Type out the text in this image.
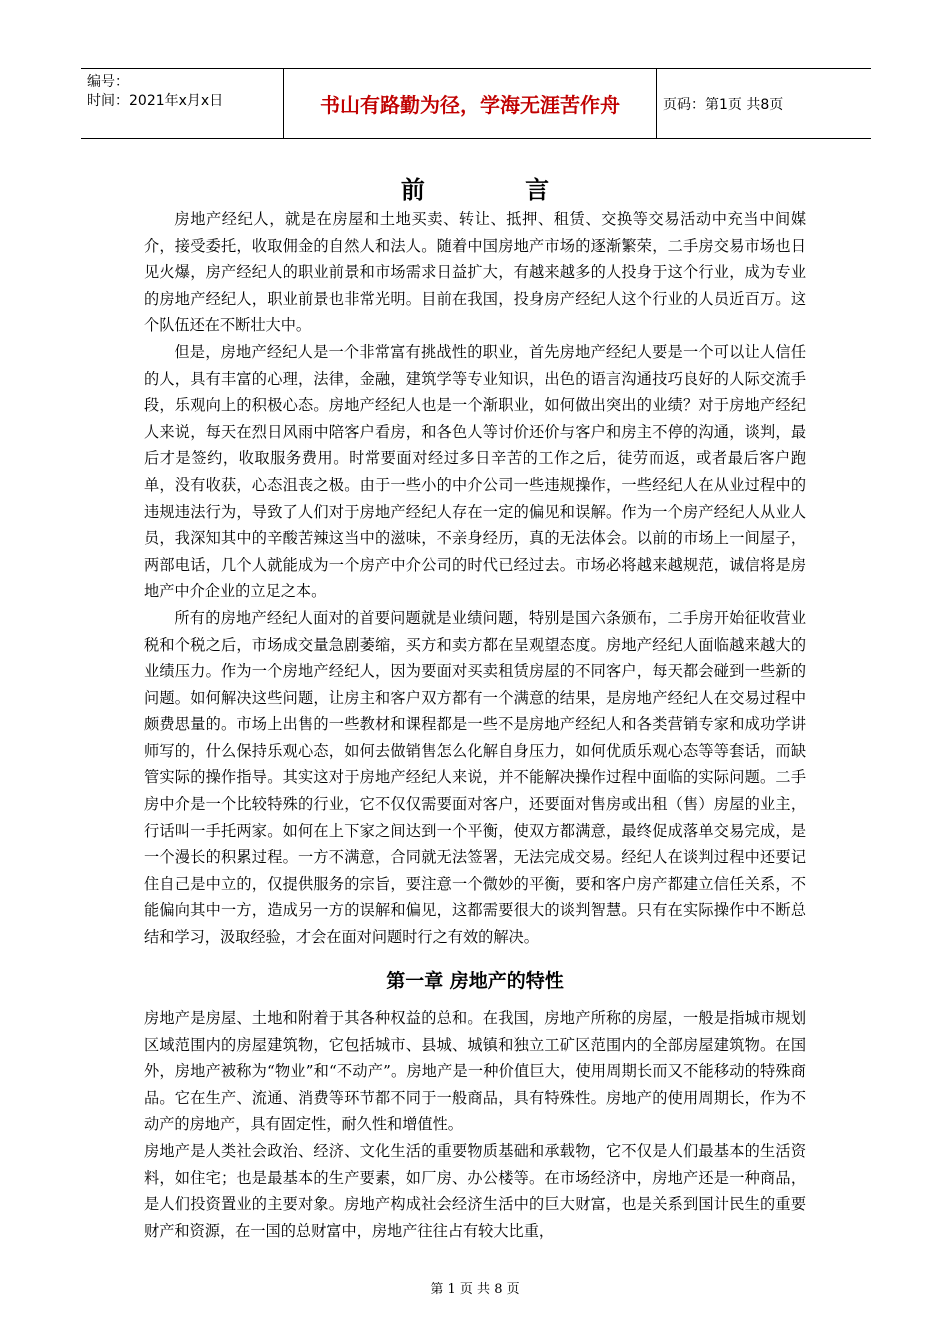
编号：
时间：2021年x月x日	书山有路勤为径，学海无涯苦作舟	页码：第1页 共8页
前 言

房地产经纪人，就是在房屋和土地买卖、转让、抵押、租赁、交换等交易活动中充当中间媒介，接受委托，收取佣金的自然人和法人。随着中国房地产市场的逐渐繁荣，二手房交易市场也日见火爆，房产经纪人的职业前景和市场需求日益扩大，有越来越多的人投身于这个行业，成为专业的房地产经纪人，职业前景也非常光明。目前在我国，投身房产经纪人这个行业的人员近百万。这个队伍还在不断壮大中。

但是，房地产经纪人是一个非常富有挑战性的职业，首先房地产经纪人要是一个可以让人信任的人，具有丰富的心理，法律，金融，建筑学等专业知识，出色的语言沟通技巧良好的人际交流手段，乐观向上的积极心态。房地产经纪人也是一个渐职业，如何做出突出的业绩？对于房地产经纪人来说，每天在烈日风雨中陪客户看房，和各色人等讨价还价与客户和房主不停的沟通，谈判，最后才是签约，收取服务费用。时常要面对经过多日辛苦的工作之后，徒劳而返，或者最后客户跑单，没有收获，心态沮丧之极。由于一些小的中介公司一些违规操作，一些经纪人在从业过程中的违规违法行为，导致了人们对于房地产经纪人存在一定的偏见和误解。作为一个房产经纪人从业人员，我深知其中的辛酸苦辣这当中的滋味，不亲身经历，真的无法体会。以前的市场上一间屋子，两部电话，几个人就能成为一个房产中介公司的时代已经过去。市场必将越来越规范，诚信将是房地产中介企业的立足之本。

所有的房地产经纪人面对的首要问题就是业绩问题，特别是国六条颁布，二手房开始征收营业税和个税之后，市场成交量急剧萎缩，买方和卖方都在呈观望态度。房地产经纪人面临越来越大的业绩压力。作为一个房地产经纪人，因为要面对买卖租赁房屋的不同客户，每天都会碰到一些新的问题。如何解决这些问题，让房主和客户双方都有一个满意的结果，是房地产经纪人在交易过程中颇费思量的。市场上出售的一些教材和课程都是一些不是房地产经纪人和各类营销专家和成功学讲师写的，什么保持乐观心态，如何去做销售怎么化解自身压力，如何优质乐观心态等等套话，而缺管实际的操作指导。其实这对于房地产经纪人来说，并不能解决操作过程中面临的实际问题。二手房中介是一个比较特殊的行业，它不仅仅需要面对客户，还要面对售房或出租（售）房屋的业主，行话叫一手托两家。如何在上下家之间达到一个平衡，使双方都满意，最终促成落单交易完成，是一个漫长的积累过程。一方不满意，合同就无法签署，无法完成交易。经纪人在谈判过程中还要记住自己是中立的，仅提供服务的宗旨，要注意一个微妙的平衡，要和客户房产都建立信任关系，不能偏向其中一方，造成另一方的误解和偏见，这都需要很大的谈判智慧。只有在实际操作中不断总结和学习，汲取经验，才会在面对问题时行之有效的解决。

第一章 房地产的特性

房地产是房屋、土地和附着于其各种权益的总和。在我国，房地产所称的房屋，一般是指城市规划区域范围内的房屋建筑物，它包括城市、县城、城镇和独立工矿区范围内的全部房屋建筑物。在国外，房地产被称为“物业”和“不动产”。房地产是一种价值巨大，使用周期长而又不能移动的特殊商品。它在生产、流通、消费等环节都不同于一般商品，具有特殊性。房地产的使用周期长，作为不动产的房地产，具有固定性，耐久性和增值性。

房地产是人类社会政治、经济、文化生活的重要物质基础和承载物，它不仅是人们最基本的生活资料，如住宅；也是最基本的生产要素，如厂房、办公楼等。在市场经济中，房地产还是一种商品，是人们投资置业的主要对象。房地产构成社会经济生活中的巨大财富，也是关系到国计民生的重要财产和资源，在一国的总财富中，房地产往往占有较大比重，

第 1 页 共 8 页
